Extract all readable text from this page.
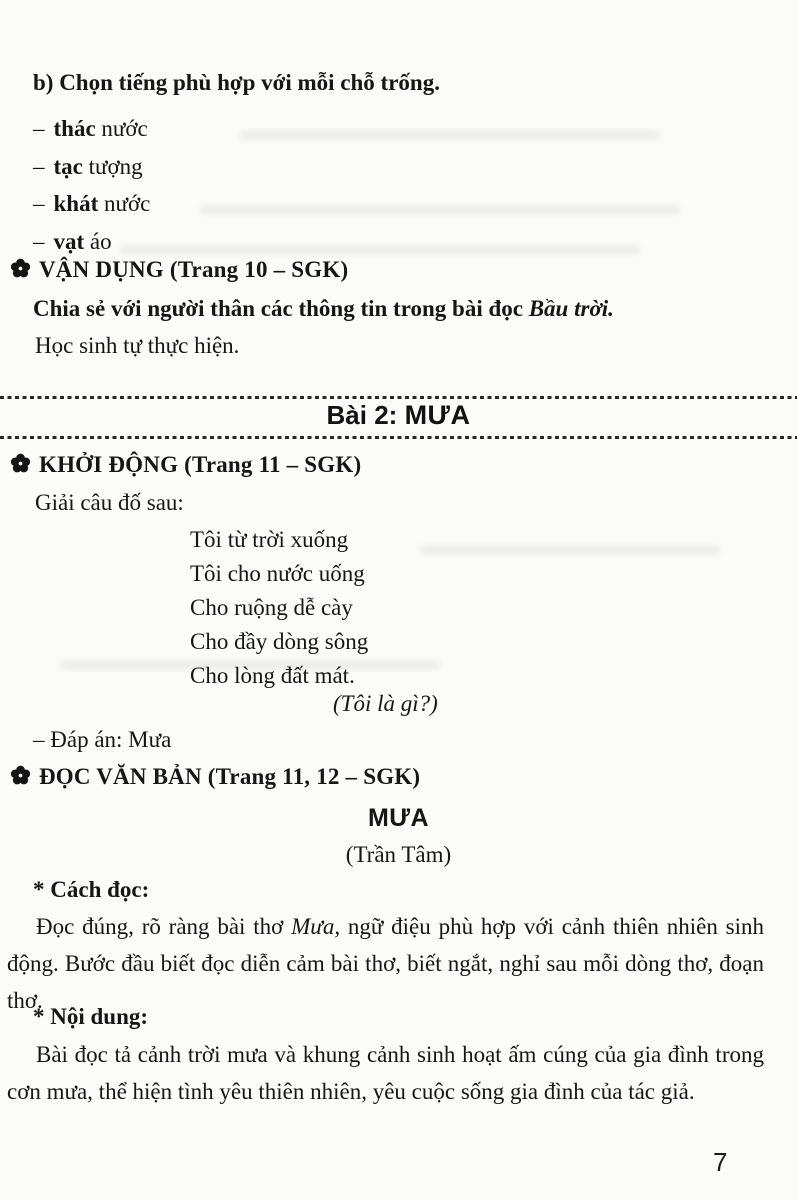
b) Chọn tiếng phù hợp với mỗi chỗ trống.
– thác nước
– tạc tượng
– khát nước
– vạt áo
VẬN DỤNG (Trang 10 – SGK)
Chia sẻ với người thân các thông tin trong bài đọc Bầu trời.
Học sinh tự thực hiện.
Bài 2: MƯA
KHỞI ĐỘNG (Trang 11 – SGK)
Giải câu đố sau:
Tôi từ trời xuống
Tôi cho nước uống
Cho ruộng dễ cày
Cho đầy dòng sông
Cho lòng đất mát.
(Tôi là gì?)
– Đáp án: Mưa
ĐỌC VĂN BẢN (Trang 11, 12 – SGK)
MƯA
(Trần Tâm)
* Cách đọc:
Đọc đúng, rõ ràng bài thơ Mưa, ngữ điệu phù hợp với cảnh thiên nhiên sinh động. Bước đầu biết đọc diễn cảm bài thơ, biết ngắt, nghỉ sau mỗi dòng thơ, đoạn thơ.
* Nội dung:
Bài đọc tả cảnh trời mưa và khung cảnh sinh hoạt ấm cúng của gia đình trong cơn mưa, thể hiện tình yêu thiên nhiên, yêu cuộc sống gia đình của tác giả.
7
